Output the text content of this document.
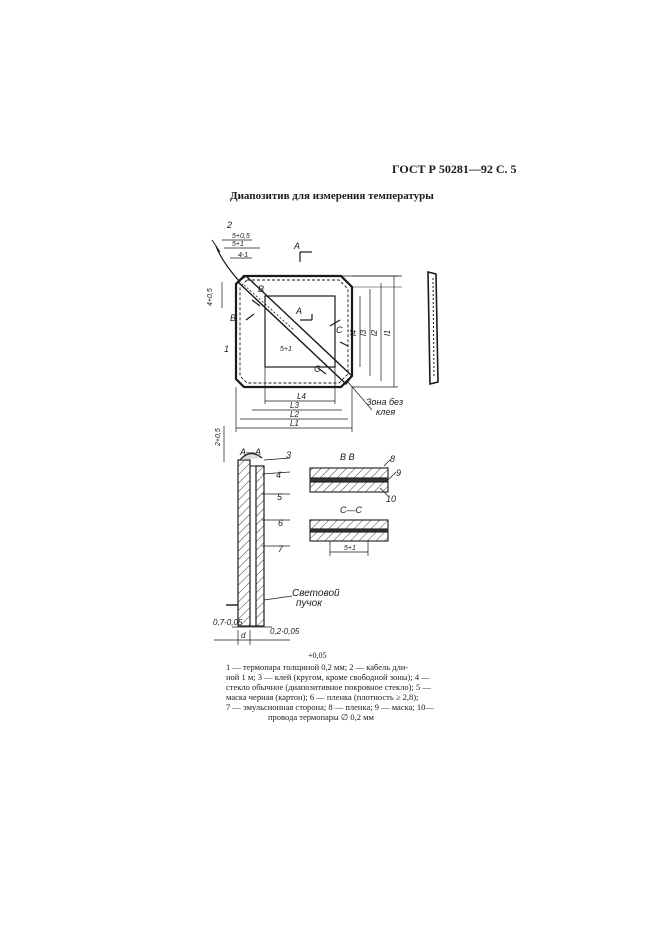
ГОСТ Р 50281—92 С. 5
Диапозитив для измерения температуры
2
5+0,5
5+1
4-1
4+0,5
A
B
B
A
C
C
5+1
1
L4
L3
L2
L1
l4 l3 l2 l1
Зона без
клея
A—A	3
4
5
6
7
2+0,5
Световой
пучок
0,7-0,05
0,2-0,05
d
B B	8
9
10
C—C
5+1
+0,05
1 — термопара толщиной 0,2 мм; 2 — кабель дли-
ной 1 м; 3 — клей (кругом, кроме свободной зоны); 4 —
стекло обычное (диапозитивное покровное стекло); 5 —
маска черная (картон); 6 — пленка (плотность ≥ 2,8);
7 — эмульсионная сторона; 8 — пленка; 9 — маска; 10—
провода термопары ∅ 0,2 мм
